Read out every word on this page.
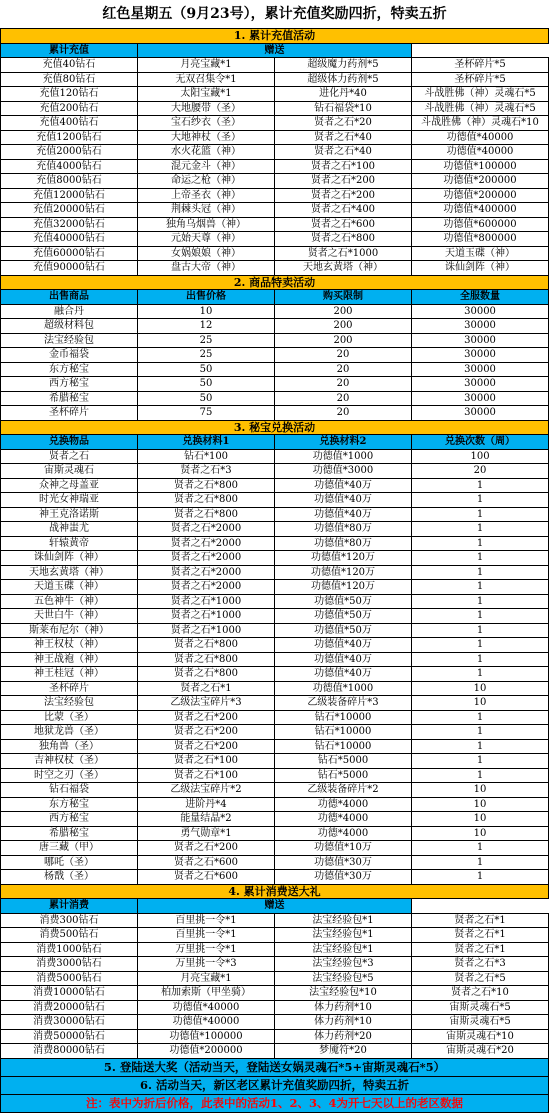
红色星期五（9月23号），累计充值奖励四折，特卖五折			
1. 累计充值活动			
累计充值	赠送		
充值40钻石	月亮宝藏*1	超级魔力药剂*5	圣杯碎片*5
充值80钻石	无双召集令*1	超级体力药剂*5	圣杯碎片*5
充值120钻石	太阳宝藏*1	进化丹*40	斗战胜佛（神）灵魂石*5
充值200钻石	大地腰带（圣）	钻石福袋*10	斗战胜佛（神）灵魂石*5
充值400钻石	宝石纱衣（圣）	贤者之石*20	斗战胜佛（神）灵魂石*10
充值1200钻石	大地神杖（圣）	贤者之石*40	功德值*40000
充值2000钻石	水火花篮（神）	贤者之石*40	功德值*40000
充值4000钻石	混元金斗（神）	贤者之石*100	功德值*100000
充值8000钻石	命运之枪（神）	贤者之石*200	功德值*200000
充值12000钻石	上帝圣衣（神）	贤者之石*200	功德值*200000
充值20000钻石	荆棘头冠（神）	贤者之石*400	功德值*400000
充值32000钻石	独角乌烟兽（神）	贤者之石*600	功德值*600000
充值40000钻石	元始天尊（神）	贤者之石*800	功德值*800000
充值60000钻石	女娲娘娘（神）	贤者之石*1000	天道玉碟（神）
充值90000钻石	盘古大帝（神）	天地玄黄塔（神）	诛仙剑阵（神）
2. 商品特卖活动			
出售商品	出售价格	购买限制	全服数量
融合丹	10	200	30000
超级材料包	12	200	30000
法宝经验包	25	200	30000
金币福袋	25	20	30000
东方秘宝	50	20	30000
西方秘宝	50	20	30000
希腊秘宝	50	20	30000
圣杯碎片	75	20	30000
3. 秘宝兑换活动			
兑换物品	兑换材料1	兑换材料2	兑换次数（周）
贤者之石	钻石*100	功德值*1000	100
宙斯灵魂石	贤者之石*3	功德值*3000	20
众神之母盖亚	贤者之石*800	功德值*40万	1
时光女神瑞亚	贤者之石*800	功德值*40万	1
神王克洛诺斯	贤者之石*800	功德值*40万	1
战神蚩尤	贤者之石*2000	功德值*80万	1
轩辕黄帝	贤者之石*2000	功德值*80万	1
诛仙剑阵（神）	贤者之石*2000	功德值*120万	1
天地玄黄塔（神）	贤者之石*2000	功德值*120万	1
天道玉碟（神）	贤者之石*2000	功德值*120万	1
五色神牛（神）	贤者之石*1000	功德值*50万	1
天世白牛（神）	贤者之石*1000	功德值*50万	1
斯莱布尼尔（神）	贤者之石*1000	功德值*50万	1
神王权杖（神）	贤者之石*800	功德值*40万	1
神王战袍（神）	贤者之石*800	功德值*40万	1
神王桂冠（神）	贤者之石*800	功德值*40万	1
圣杯碎片	贤者之石*1	功德值*1000	10
法宝经验包	乙级法宝碎片*3	乙级装备碎片*3	10
比蒙（圣）	贤者之石*200	钻石*10000	1
地狱龙兽（圣）	贤者之石*200	钻石*10000	1
独角兽（圣）	贤者之石*200	钻石*10000	1
吉神权杖（圣）	贤者之石*100	钻石*5000	1
时空之刃（圣）	贤者之石*100	钻石*5000	1
钻石福袋	乙级法宝碎片*2	乙级装备碎片*2	10
东方秘宝	进阶丹*4	功德*4000	10
西方秘宝	能量结晶*2	功德*4000	10
希腊秘宝	勇气勋章*1	功德*4000	10
唐三藏（甲）	贤者之石*200	功德值*10万	1
哪吒（圣）	贤者之石*600	功德值*30万	1
杨戬（圣）	贤者之石*600	功德值*30万	1
4. 累计消费送大礼			
累计消费	赠送		
消费300钻石	百里挑一令*1	法宝经验包*1	贤者之石*1
消费500钻石	百里挑一令*1	法宝经验包*1	贤者之石*1
消费1000钻石	万里挑一令*1	法宝经验包*1	贤者之石*1
消费3000钻石	万里挑一令*3	法宝经验包*3	贤者之石*3
消费5000钻石	月亮宝藏*1	法宝经验包*5	贤者之石*5
消费10000钻石	柏加索斯（甲坐骑）	法宝经验包*10	贤者之石*10
消费20000钻石	功德值*40000	体力药剂*10	宙斯灵魂石*5
消费30000钻石	功德值*40000	体力药剂*10	宙斯灵魂石*5
消费50000钻石	功德值*100000	体力药剂*20	宙斯灵魂石*10
消费80000钻石	功德值*200000	梦魇符*20	宙斯灵魂石*20
5. 登陆送大奖（活动当天，登陆送女娲灵魂石*5+宙斯灵魂石*5）			
6. 活动当天，新区老区累计充值奖励四折，特卖五折			
注：表中为折后价格，此表中的活动1、2、3、4为开七天以上的老区数据			
